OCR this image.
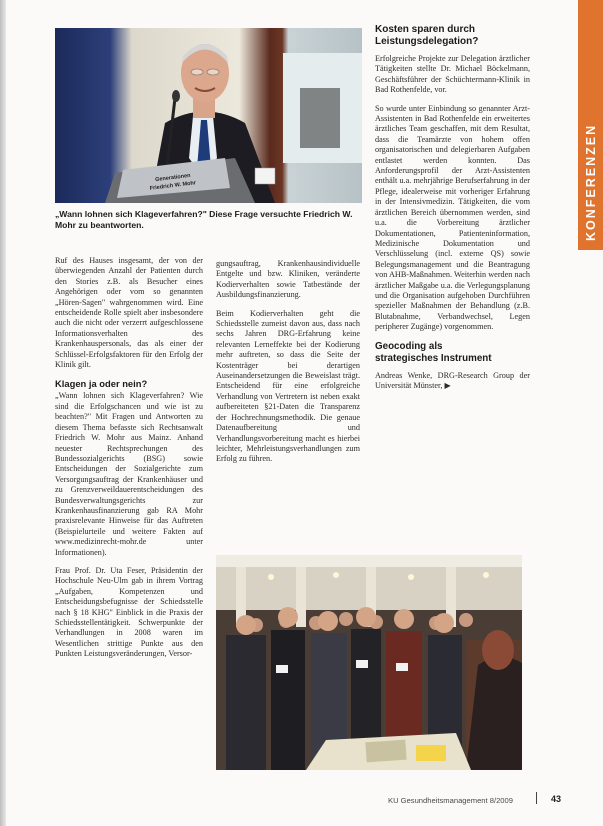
Generationen
Friedrich W. Mohr
„Wann lohnen sich Klageverfahren?" Diese Frage versuchte Friedrich W. Mohr zu beantworten.

Ruf des Hauses insgesamt, der von der überwiegenden Anzahl der Patienten durch den Stories z.B. als Besucher eines Angehörigen oder vom so genannten „Hören-Sagen" wahrgenommen wird. Eine entscheidende Rolle spielt aber insbesondere auch die nicht oder verzerrt aufgeschlossene Informationsverhalten des Krankenhauspersonals, das als einer der Schlüssel-Erfolgsfaktoren für den Erfolg der Klinik gilt.

Klagen ja oder nein?

„Wann lohnen sich Klageverfahren? Wie sind die Erfolgschancen und wie ist zu beachten?" Mit Fragen und Antworten zu diesem Thema befasste sich Rechtsanwalt Friedrich W. Mohr aus Mainz. Anhand neuester Rechtsprechungen des Bundessozialgerichts (BSG) sowie Entscheidungen der Sozialgerichte zum Versorgungsauftrag der Krankenhäuser und zu Grenzverweildauerentscheidungen des Bundesverwaltungsgerichts zur Krankenhausfinanzierung gab RA Mohr praxisrelevante Hinweise für das Auftreten (Beispielurteile und weitere Fakten auf www.medizinrecht-mohr.de unter Informationen).

Frau Prof. Dr. Uta Feser, Präsidentin der Hochschule Neu-Ulm gab in ihrem Vortrag „Aufgaben, Kompetenzen und Entscheidungsbefugnisse der Schiedsstelle nach § 18 KHG" Einblick in die Praxis der Schiedsstellentätigkeit. Schwerpunkte der Verhandlungen in 2008 waren im Wesentlichen strittige Punkte aus den Punkten Leistungsveränderungen, Versor-

gungsauftrag, Krankenhausindividuelle Entgelte und bzw. Kliniken, veränderte Kodierverhalten sowie Tatbestände der Ausbildungsfinanzierung.

Beim Kodierverhalten geht die Schiedsstelle zumeist davon aus, dass nach sechs Jahren DRG-Erfahrung keine relevanten Lerneffekte bei der Kodierung mehr auftreten, so dass die Seite der Kostenträger bei derartigen Auseinandersetzungen die Beweislast trägt. Entscheidend für eine erfolgreiche Verhandlung von Vertretern ist neben exakt aufbereiteten §21-Daten die Transparenz der Hochrechnungsmethodik. Die genaue Datenaufbereitung und Verhandlungsvorbereitung macht es hierbei leichter, Mehrleistungsverhandlungen zum Erfolg zu führen.

Kosten sparen durch
Leistungsdelegation?

Erfolgreiche Projekte zur Delegation ärztlicher Tätigkeiten stellte Dr. Michael Böckelmann, Geschäftsführer der Schüchtermann-Klinik in Bad Rothenfelde, vor.

So wurde unter Einbindung so genannter Arzt-Assistenten in Bad Rothenfelde ein erweitertes ärztliches Team geschaffen, mit dem Resultat, dass die Teamärzte von hohem offen organisatorischen und delegierbaren Aufgaben entlastet werden konnten. Das Anforderungsprofil der Arzt-Assistenten enthält u.a. mehrjährige Berufserfahrung in der Pflege, idealerweise mit vorheriger Erfahrung in der Intensivmedizin. Tätigkeiten, die vom ärztlichen Bereich übernommen werden, sind u.a. die Vorbereitung ärztlicher Dokumentationen, Patienteninformation, Medizinische Dokumentation und Verschlüsselung (incl. externe QS) sowie Belegungsmanagement und die Beantragung von AHB-Maßnahmen. Weiterhin werden nach ärztlicher Maßgabe u.a. die Verlegungsplanung und die Organisation aufgehoben Durchführen spezieller Maßnahmen der Behandlung (z.B. Blutabnahme, Verbandwechsel, Legen peripherer Zugänge) vorgenommen.

Geocoding als
strategisches Instrument

Andreas Wenke, DRG-Research Group der Universität Münster, ▶

KONFERENZEN
KU Gesundheitsmanagement 8/2009	43
